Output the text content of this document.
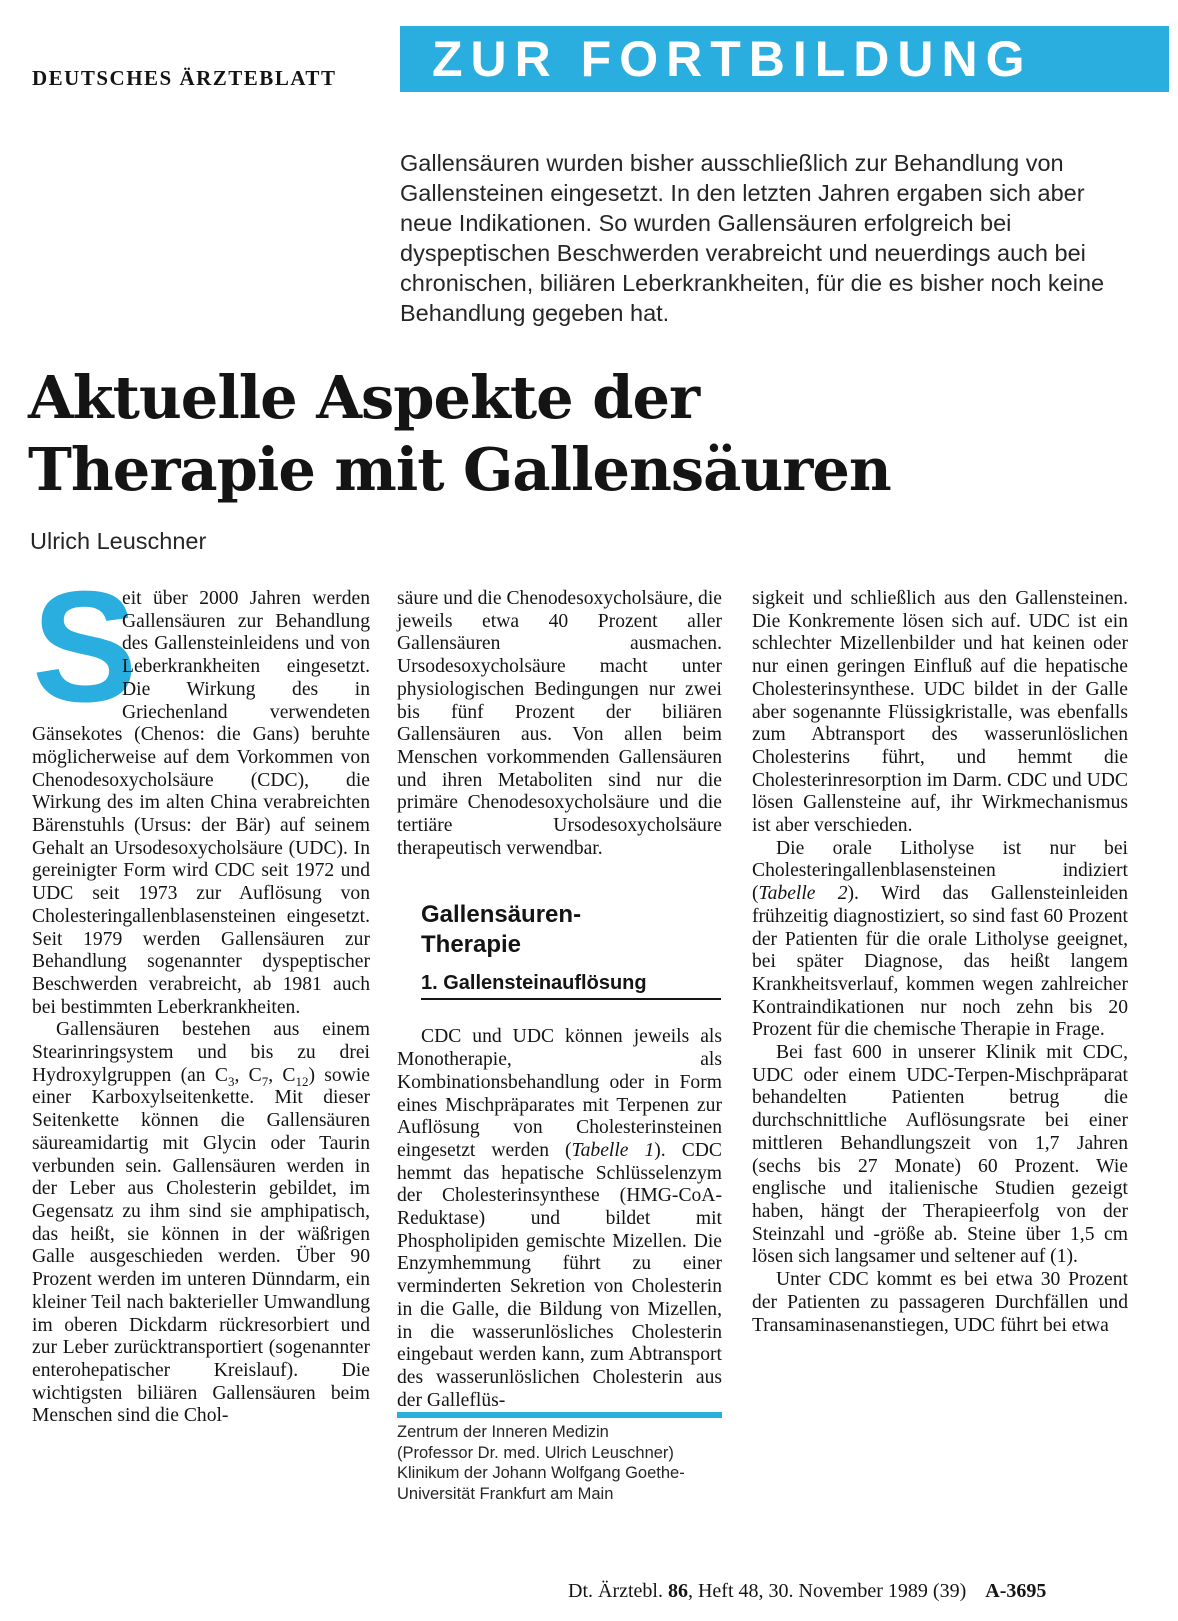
DEUTSCHES ÄRZTEBLATT ZUR FORTBILDUNG

Gallensäuren wurden bisher ausschließlich zur Behandlung von Gallensteinen eingesetzt. In den letzten Jahren ergaben sich aber neue Indikationen. So wurden Gallensäuren erfolgreich bei dyspeptischen Beschwerden verabreicht und neuerdings auch bei chronischen, biliären Leberkrankheiten, für die es bisher noch keine Behandlung gegeben hat.

Aktuelle Aspekte der
Therapie mit Gallensäuren
Ulrich Leuschner

S
eit über 2000 Jahren werden Gallensäuren zur Behandlung des Gallensteinleidens und von Leberkrankheiten eingesetzt. Die Wirkung des in Griechenland verwendeten Gänsekotes (Chenos: die Gans) beruhte möglicherweise auf dem Vorkommen von Chenodesoxycholsäure (CDC), die Wirkung des im alten China verabreichten Bärenstuhls (Ursus: der Bär) auf seinem Gehalt an Ursodesoxycholsäure (UDC). In gereinigter Form wird CDC seit 1972 und UDC seit 1973 zur Auflösung von Cholesteringallenblasensteinen eingesetzt. Seit 1979 werden Gallensäuren zur Behandlung sogenannter dyspeptischer Beschwerden verabreicht, ab 1981 auch bei bestimmten Leberkrankheiten.

Gallensäuren bestehen aus einem Stearinringsystem und bis zu drei Hydroxylgruppen (an $C_3$, $C_7$, $C_{12}$) sowie einer Karboxylseitenkette. Mit dieser Seitenkette können die Gallensäuren säureamidartig mit Glycin oder Taurin verbunden sein. Gallensäuren werden in der Leber aus Cholesterin gebildet, im Gegensatz zu ihm sind sie amphipatisch, das heißt, sie können in der wäßrigen Galle ausgeschieden werden. Über 90 Prozent werden im unteren Dünndarm, ein kleiner Teil nach bakterieller Umwandlung im oberen Dickdarm rückresorbiert und zur Leber zurücktransportiert (sogenannter enterohepatischer Kreislauf). Die wichtigsten biliären Gallensäuren beim Menschen sind die Chol-

säure und die Chenodesoxycholsäure, die jeweils etwa 40 Prozent aller Gallensäuren ausmachen. Ursodesoxycholsäure macht unter physiologischen Bedingungen nur zwei bis fünf Prozent der biliären Gallensäuren aus. Von allen beim Menschen vorkommenden Gallensäuren und ihren Metaboliten sind nur die primäre Chenodesoxycholsäure und die tertiäre Ursodesoxycholsäure therapeutisch verwendbar.

Gallensäuren-
Therapie

1. Gallensteinauflösung

CDC und UDC können jeweils als Monotherapie, als Kombinationsbehandlung oder in Form eines Mischpräparates mit Terpenen zur Auflösung von Cholesterinsteinen eingesetzt werden (Tabelle 1). CDC hemmt das hepatische Schlüsselenzym der Cholesterinsynthese (HMG-CoA-Reduktase) und bildet mit Phospholipiden gemischte Mizellen. Die Enzymhemmung führt zu einer verminderten Sekretion von Cholesterin in die Galle, die Bildung von Mizellen, in die wasserunlösliches Cholesterin eingebaut werden kann, zum Abtransport des wasserunlöslichen Cholesterin aus der Galleflüs-

sigkeit und schließlich aus den Gallensteinen. Die Konkremente lösen sich auf. UDC ist ein schlechter Mizellenbilder und hat keinen oder nur einen geringen Einfluß auf die hepatische Cholesterinsynthese. UDC bildet in der Galle aber sogenannte Flüssigkristalle, was ebenfalls zum Abtransport des wasserunlöslichen Cholesterins führt, und hemmt die Cholesterinresorption im Darm. CDC und UDC lösen Gallensteine auf, ihr Wirkmechanismus ist aber verschieden.

Die orale Litholyse ist nur bei Cholesteringallenblasensteinen indiziert (Tabelle 2). Wird das Gallensteinleiden frühzeitig diagnostiziert, so sind fast 60 Prozent der Patienten für die orale Litholyse geeignet, bei später Diagnose, das heißt langem Krankheitsverlauf, kommen wegen zahlreicher Kontraindikationen nur noch zehn bis 20 Prozent für die chemische Therapie in Frage.

Bei fast 600 in unserer Klinik mit CDC, UDC oder einem UDC-Terpen-Mischpräparat behandelten Patienten betrug die durchschnittliche Auflösungsrate bei einer mittleren Behandlungszeit von 1,7 Jahren (sechs bis 27 Monate) 60 Prozent. Wie englische und italienische Studien gezeigt haben, hängt der Therapieerfolg von der Steinzahl und -größe ab. Steine über 1,5 cm lösen sich langsamer und seltener auf (1).

Unter CDC kommt es bei etwa 30 Prozent der Patienten zu passageren Durchfällen und Transaminasenanstiegen, UDC führt bei etwa

Zentrum der Inneren Medizin
(Professor Dr. med. Ulrich Leuschner)
Klinikum der Johann Wolfgang Goethe-
Universität Frankfurt am Main
Dt. Ärztebl. 86, Heft 48, 30. November 1989 (39) A-3695
